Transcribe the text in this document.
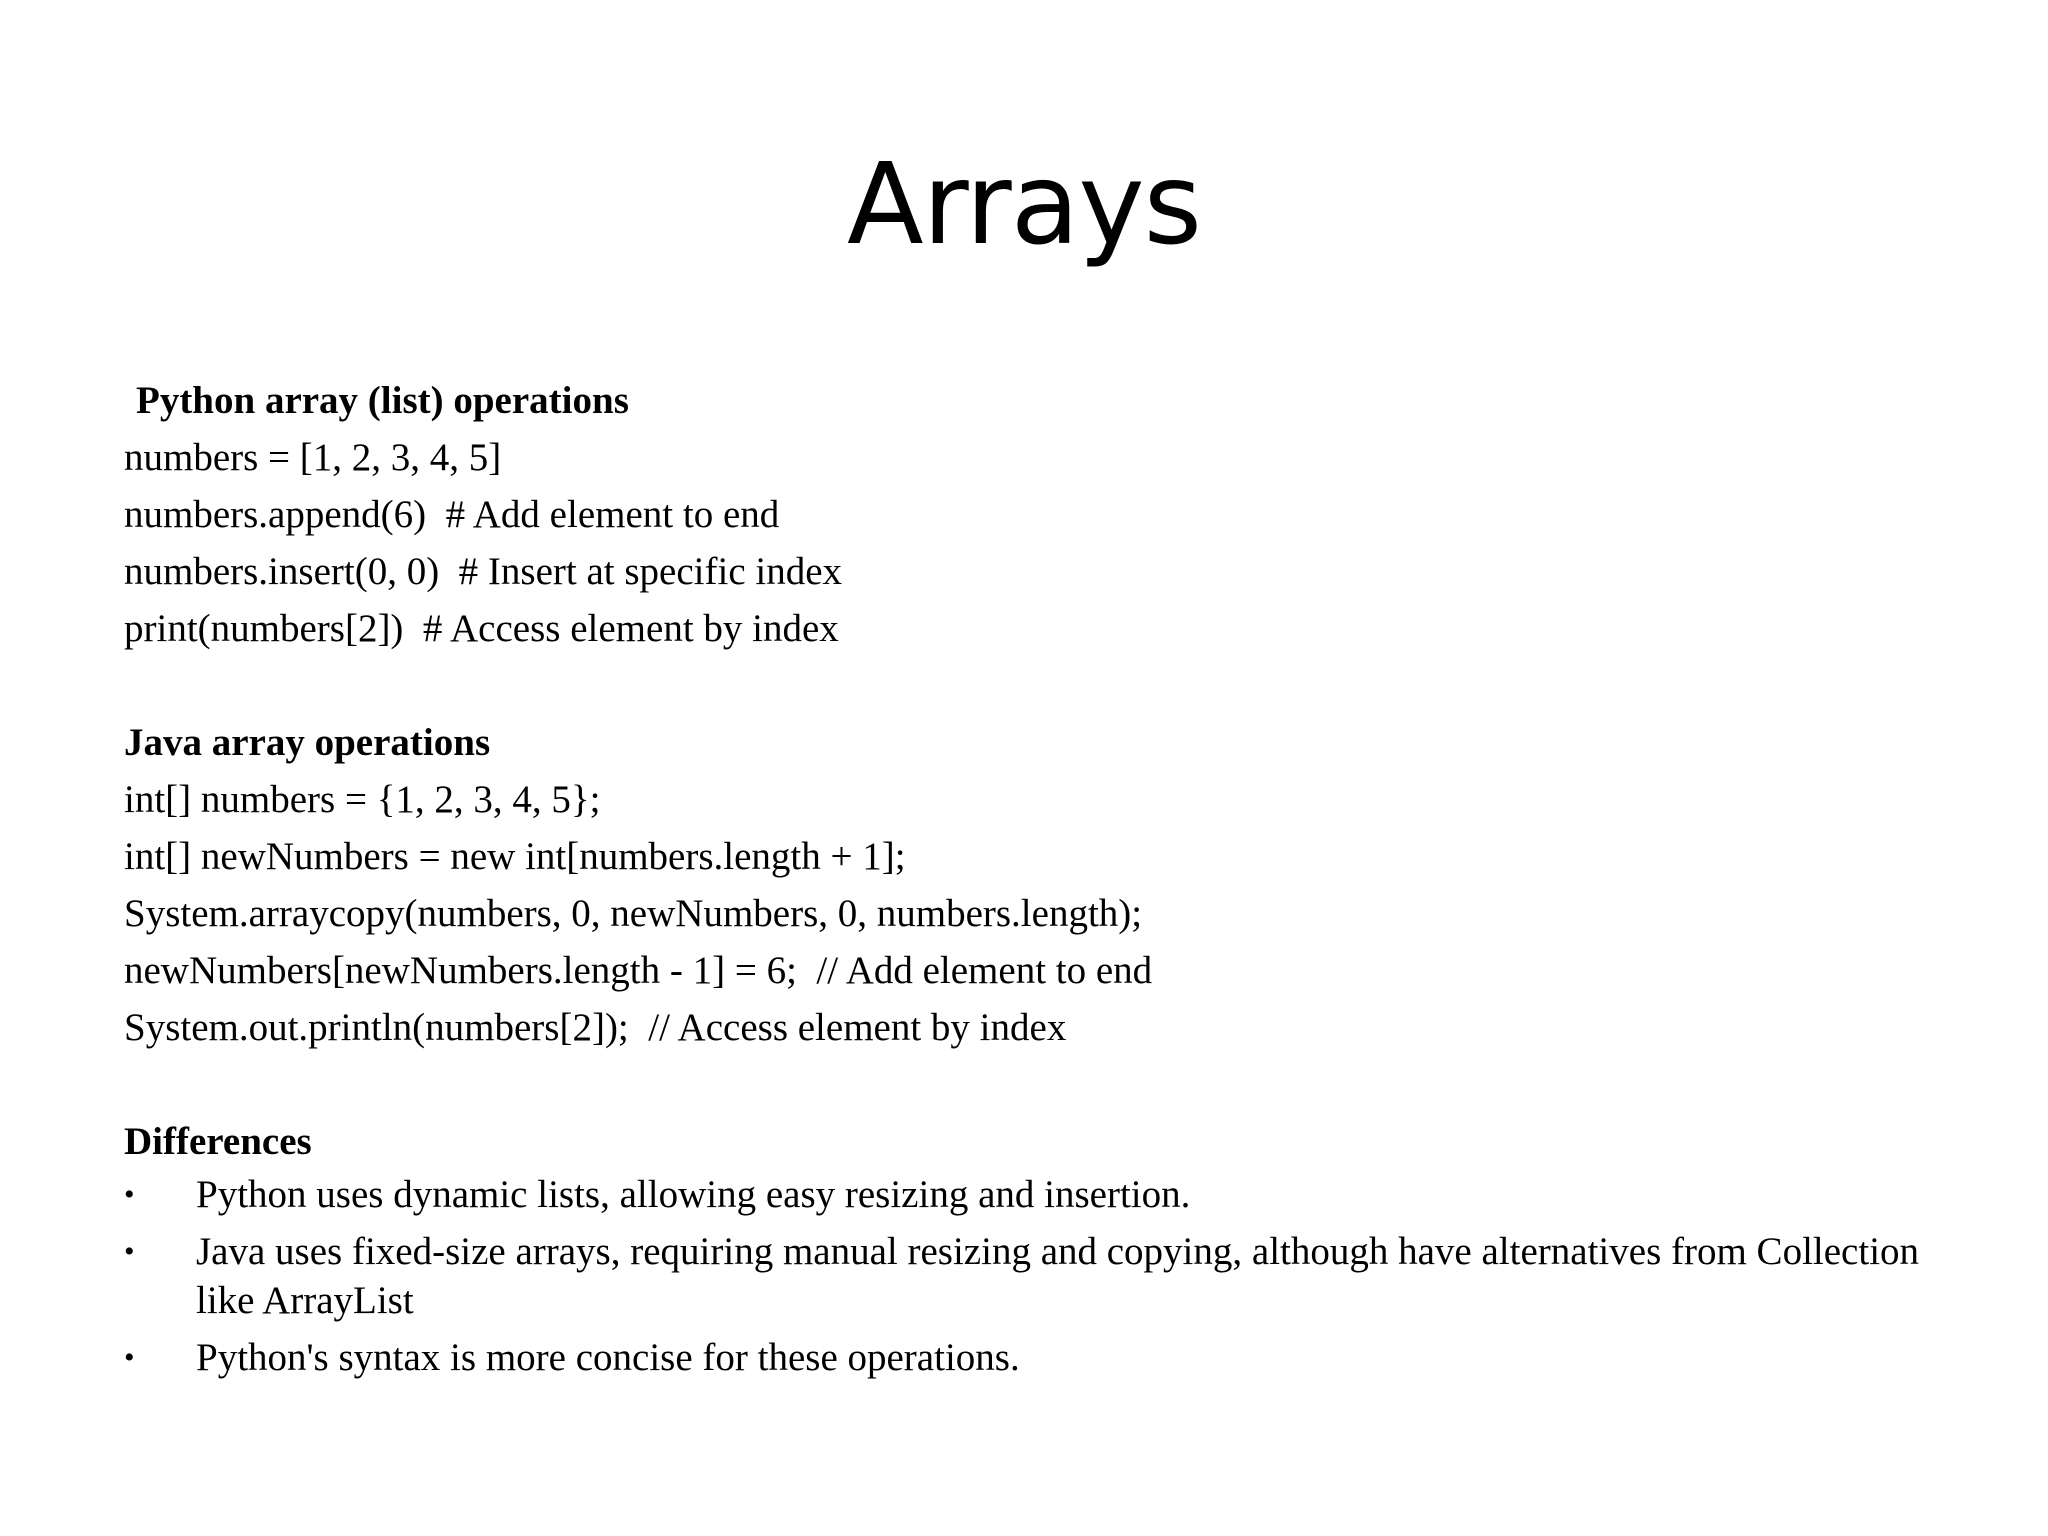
Arrays

Python array (list) operations

numbers = [1, 2, 3, 4, 5]

numbers.append(6)  # Add element to end

numbers.insert(0, 0)  # Insert at specific index

print(numbers[2])  # Access element by index

Java array operations

int[] numbers = {1, 2, 3, 4, 5};

int[] newNumbers = new int[numbers.length + 1];

System.arraycopy(numbers, 0, newNumbers, 0, numbers.length);

newNumbers[newNumbers.length - 1] = 6;  // Add element to end

System.out.println(numbers[2]);  // Access element by index

Differences

• Python uses dynamic lists, allowing easy resizing and insertion.
• Java uses fixed-size arrays, requiring manual resizing and copying, although have alternatives from Collection like ArrayList
• Python's syntax is more concise for these operations.
